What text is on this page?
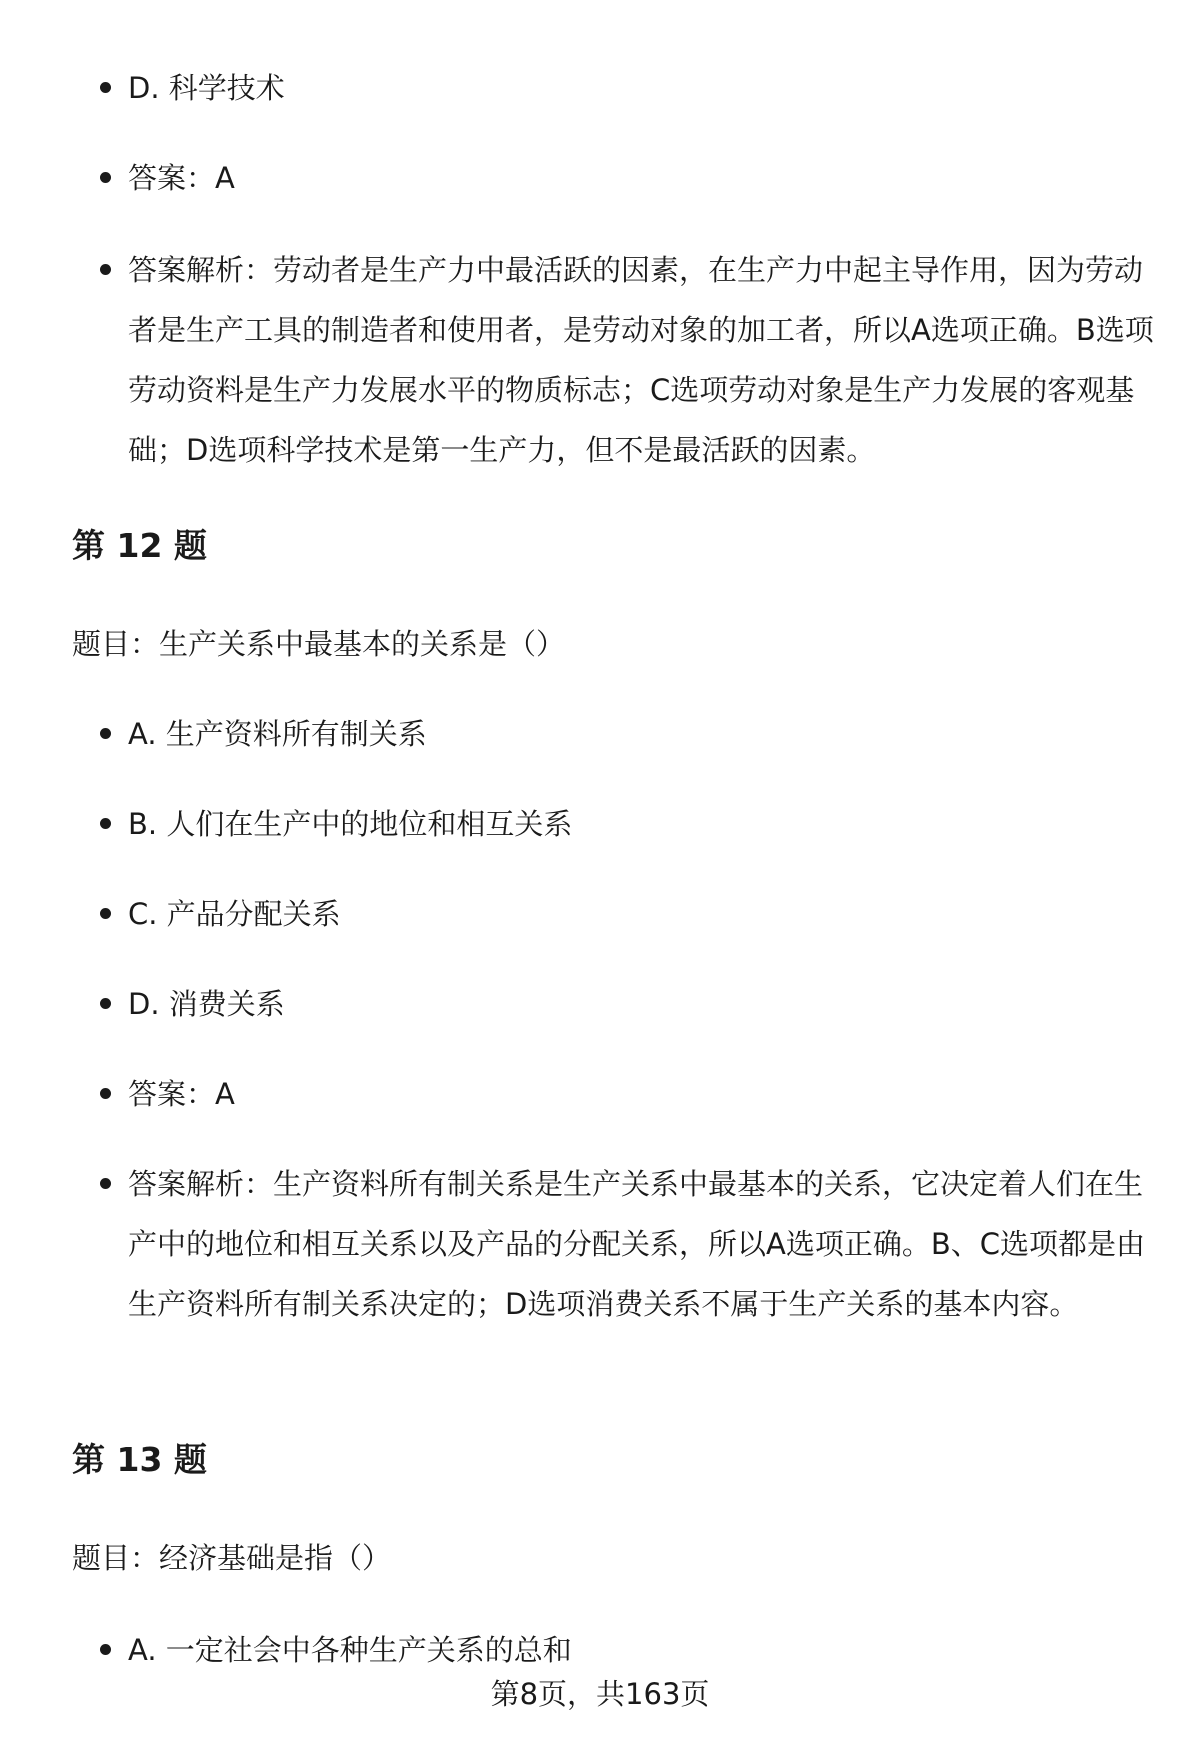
D. 科学技术
答案：A
答案解析：劳动者是生产力中最活跃的因素，在生产力中起主导作用，因为劳动者是生产工具的制造者和使用者，是劳动对象的加工者，所以A选项正确。B选项劳动资料是生产力发展水平的物质标志；C选项劳动对象是生产力发展的客观基础；D选项科学技术是第一生产力，但不是最活跃的因素。
第 12 题
题目：生产关系中最基本的关系是（）
A. 生产资料所有制关系
B. 人们在生产中的地位和相互关系
C. 产品分配关系
D. 消费关系
答案：A
答案解析：生产资料所有制关系是生产关系中最基本的关系，它决定着人们在生产中的地位和相互关系以及产品的分配关系，所以A选项正确。B、C选项都是由生产资料所有制关系决定的；D选项消费关系不属于生产关系的基本内容。
第 13 题
题目：经济基础是指（）
A. 一定社会中各种生产关系的总和
第8页，共163页
